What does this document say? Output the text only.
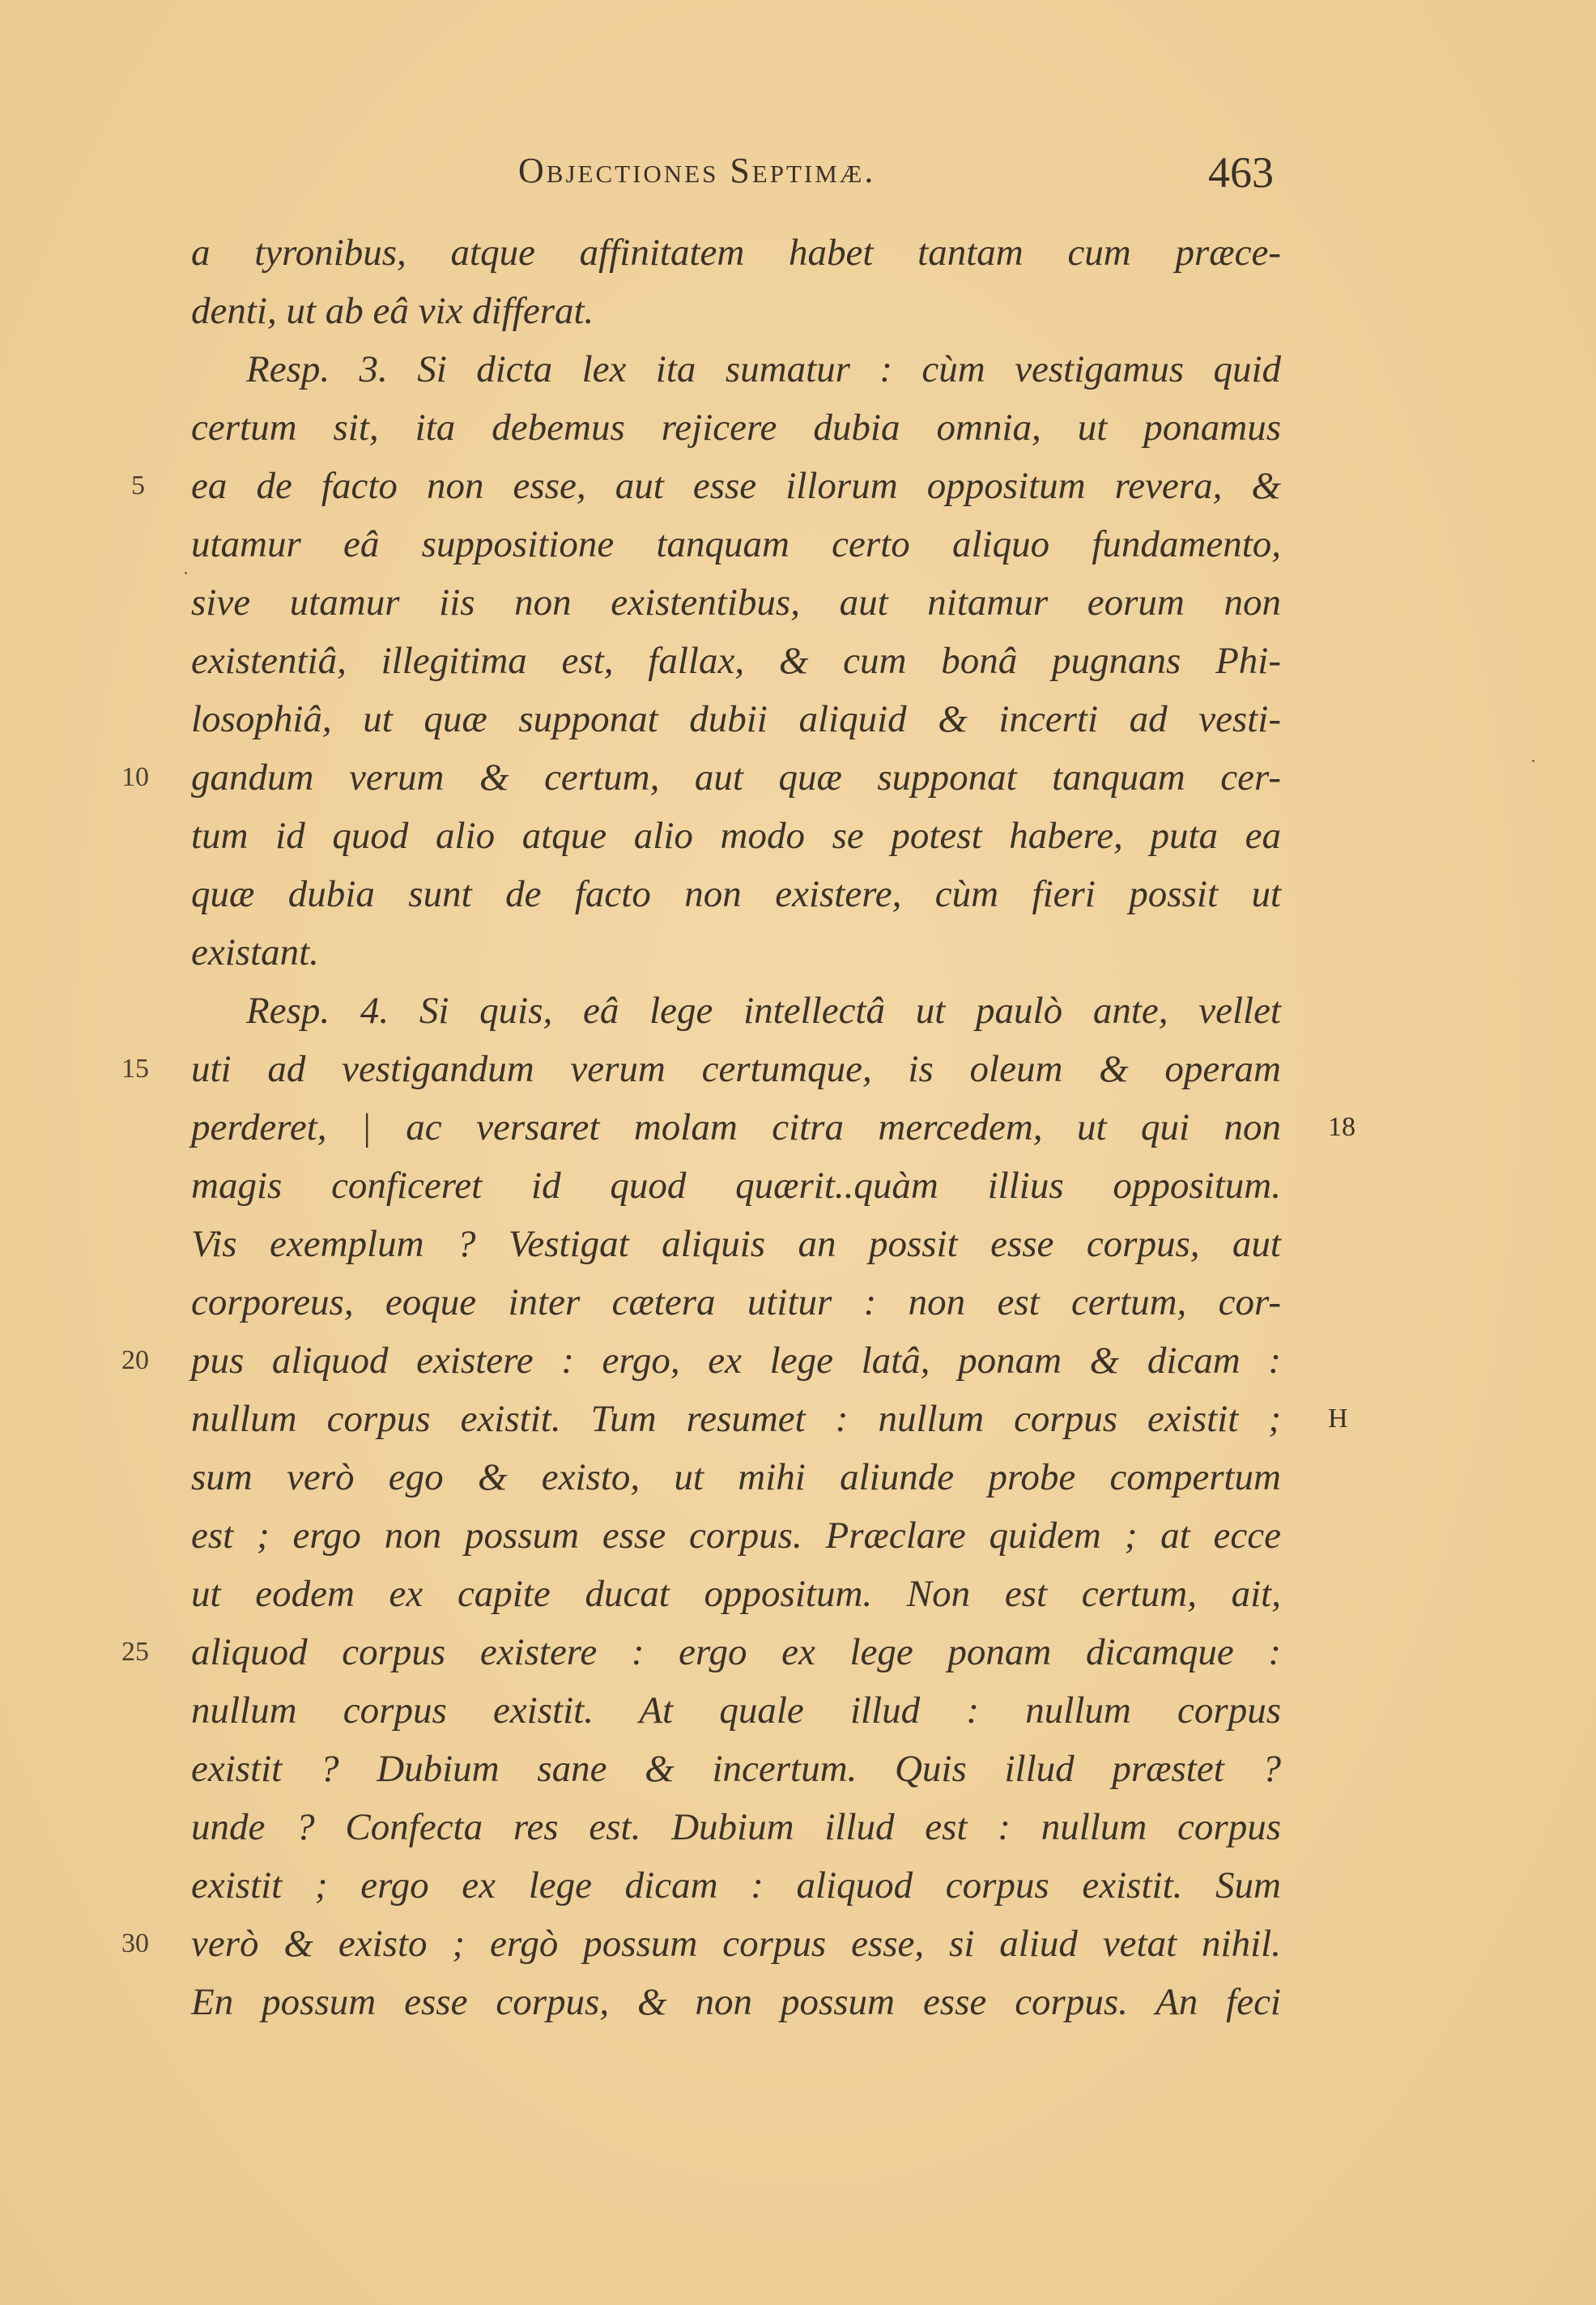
Objectiones Septimæ.	463
a tyronibus, atque affinitatem habet tantam cum præce-
denti, ut ab eâ vix differat.
Resp. 3. Si dicta lex ita sumatur : cùm vestigamus quid
certum sit, ita debemus rejicere dubia omnia, ut ponamus
ea de facto non esse, aut esse illorum oppositum revera, &
utamur eâ suppositione tanquam certo aliquo fundamento,
sive utamur iis non existentibus, aut nitamur eorum non
existentiâ, illegitima est, fallax, & cum bonâ pugnans Phi-
losophiâ, ut quæ supponat dubii aliquid & incerti ad vesti-
gandum verum & certum, aut quæ supponat tanquam cer-
tum id quod alio atque alio modo se potest habere, puta ea
quæ dubia sunt de facto non existere, cùm fieri possit ut
existant.
Resp. 4. Si quis, eâ lege intellectâ ut paulò ante, vellet
uti ad vestigandum verum certumque, is oleum & operam
perderet, | ac versaret molam citra mercedem, ut qui non
magis conficeret id quod quærit..quàm illius oppositum.
Vis exemplum ? Vestigat aliquis an possit esse corpus, aut
corporeus, eoque inter cætera utitur : non est certum, cor-
pus aliquod existere : ergo, ex lege latâ, ponam & dicam :
nullum corpus existit. Tum resumet : nullum corpus existit ;
sum verò ego & existo, ut mihi aliunde probe compertum
est ; ergo non possum esse corpus. Præclare quidem ; at ecce
ut eodem ex capite ducat oppositum. Non est certum, ait,
aliquod corpus existere : ergo ex lege ponam dicamque :
nullum corpus existit. At quale illud : nullum corpus
existit ? Dubium sane & incertum. Quis illud præstet ?
unde ? Confecta res est. Dubium illud est : nullum corpus
existit ; ergo ex lege dicam : aliquod corpus existit. Sum
verò & existo ; ergò possum corpus esse, si aliud vetat nihil.
En possum esse corpus, & non possum esse corpus. An feci
5
10
15
20
25
30
18
H
